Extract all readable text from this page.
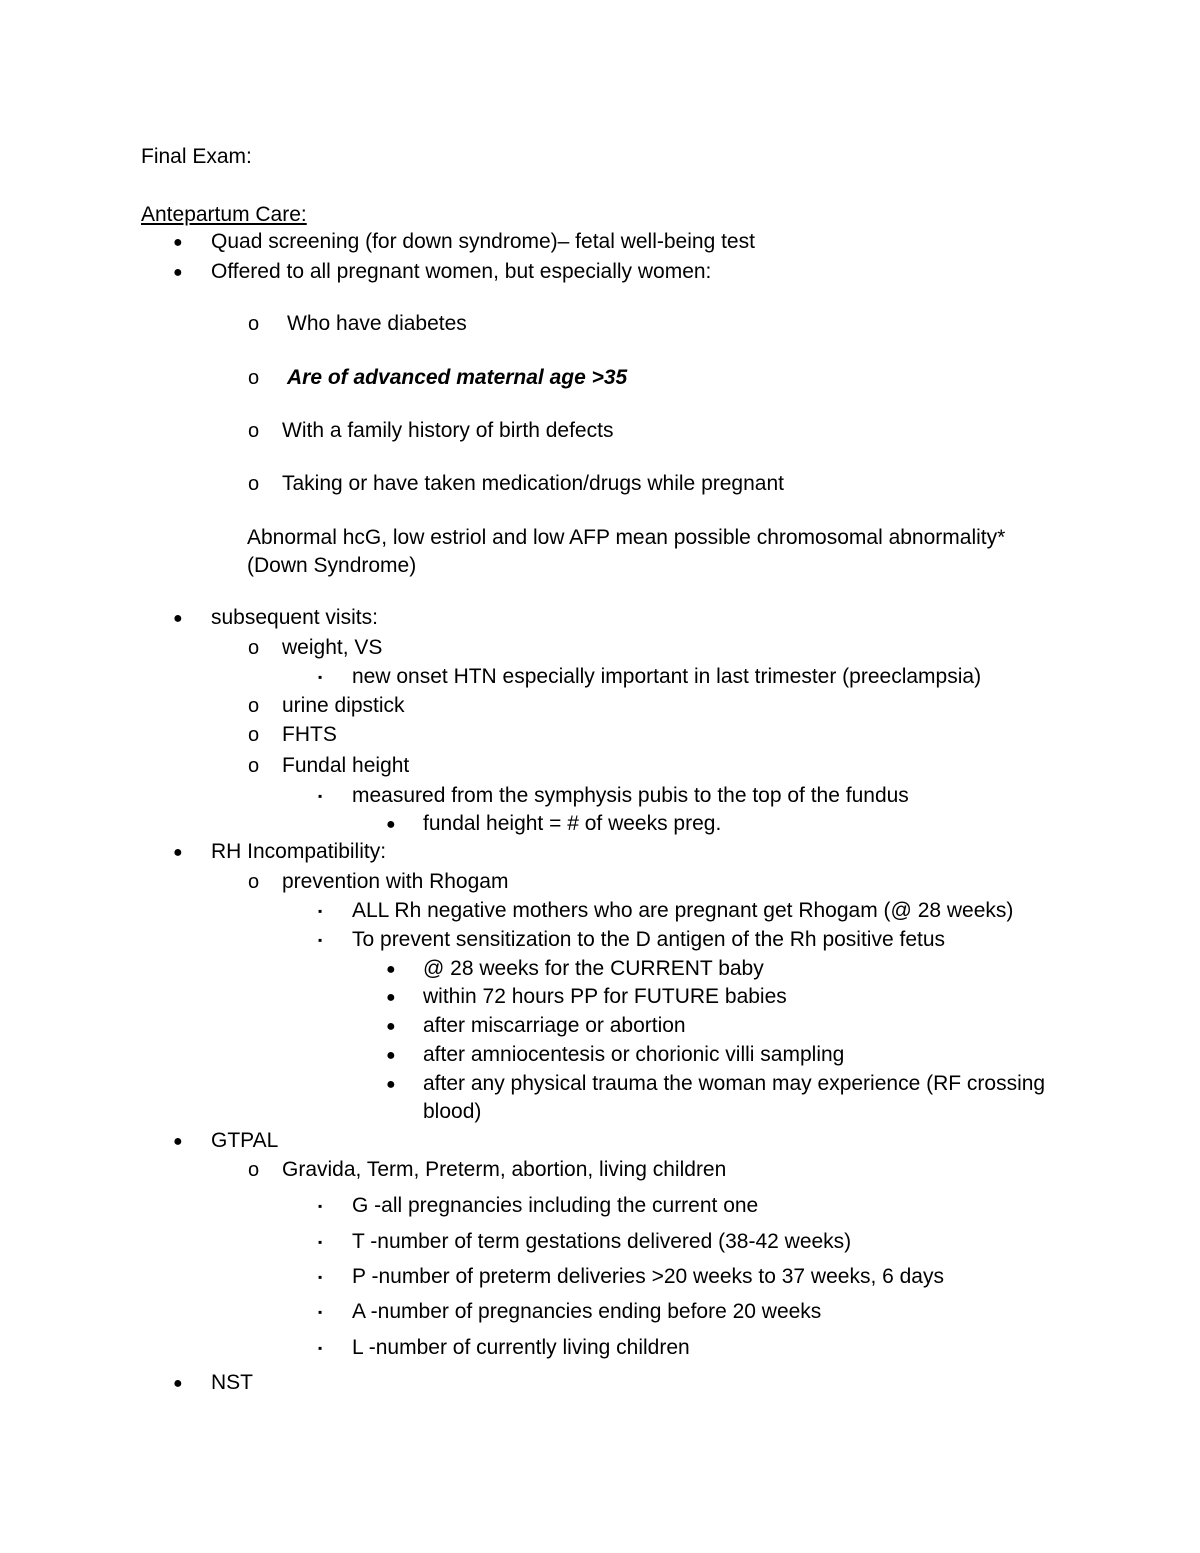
Final Exam:
Antepartum Care:
● Quad screening (for down syndrome)– fetal well-being test
● Offered to all pregnant women, but especially women:
o Who have diabetes
o Are of advanced maternal age >35
o With a family history of birth defects
o Taking or have taken medication/drugs while pregnant
Abnormal hcG, low estriol and low AFP mean possible chromosomal abnormality*
(Down Syndrome)
● subsequent visits:
o weight, VS
▪ new onset HTN especially important in last trimester (preeclampsia)
o urine dipstick
o FHTS
o Fundal height
▪ measured from the symphysis pubis to the top of the fundus
● fundal height = # of weeks preg.
● RH Incompatibility:
o prevention with Rhogam
▪ ALL Rh negative mothers who are pregnant get Rhogam (@ 28 weeks)
▪ To prevent sensitization to the D antigen of the Rh positive fetus
● @ 28 weeks for the CURRENT baby
● within 72 hours PP for FUTURE babies
● after miscarriage or abortion
● after amniocentesis or chorionic villi sampling
● after any physical trauma the woman may experience (RF crossing
blood)
● GTPAL
o Gravida, Term, Preterm, abortion, living children
▪ G -all pregnancies including the current one
▪ T -number of term gestations delivered (38-42 weeks)
▪ P -number of preterm deliveries >20 weeks to 37 weeks, 6 days
▪ A -number of pregnancies ending before 20 weeks
▪ L -number of currently living children
● NST
